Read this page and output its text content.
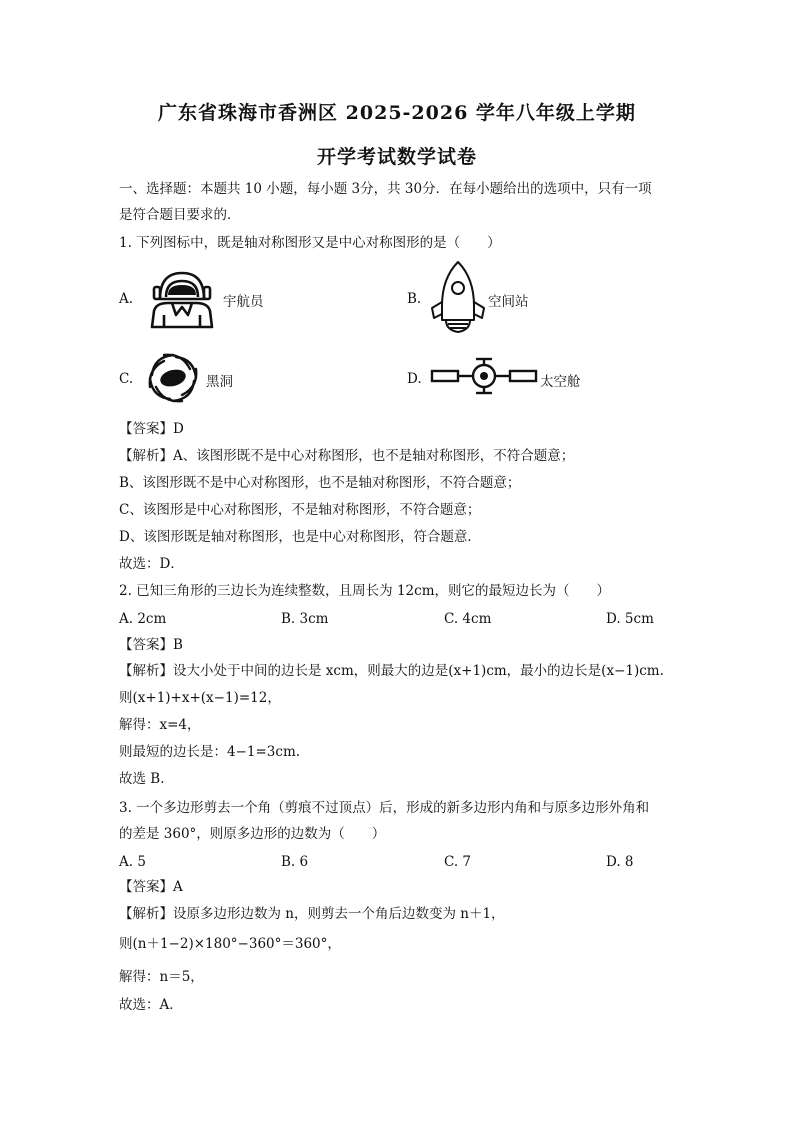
广东省珠海市香洲区 2025-2026 学年八年级上学期
开学考试数学试卷
一、选择题：本题共 10 小题，每小题 3分，共 30分．在每小题给出的选项中，只有一项
是符合题目要求的．
1. 下列图标中，既是轴对称图形又是中心对称图形的是（　　）
A.	宇航员	B.	空间站
C.	黑洞	D.	太空舱
【答案】D
【解析】A、该图形既不是中心对称图形，也不是轴对称图形，不符合题意；
B、该图形既不是中心对称图形，也不是轴对称图形，不符合题意；
C、该图形是中心对称图形，不是轴对称图形，不符合题意；
D、该图形既是轴对称图形，也是中心对称图形，符合题意．
故选：D．
2. 已知三角形的三边长为连续整数，且周长为 12cm，则它的最短边长为（　　）
A. 2cm	B. 3cm	C. 4cm	D. 5cm
【答案】B
【解析】设大小处于中间的边长是 xcm，则最大的边是(x+1)cm，最小的边长是(x−1)cm.
则(x+1)+x+(x−1)=12，
解得：x=4，
则最短的边长是：4−1=3cm.
故选 B.
3. 一个多边形剪去一个角（剪痕不过顶点）后，形成的新多边形内角和与原多边形外角和
的差是 360°，则原多边形的边数为（　　）
A. 5	B. 6	C. 7	D. 8
【答案】A
【解析】设原多边形边数为 n，则剪去一个角后边数变为 n＋1，
则(n＋1−2)×180°−360°＝360°，
解得：n＝5，
故选：A．
